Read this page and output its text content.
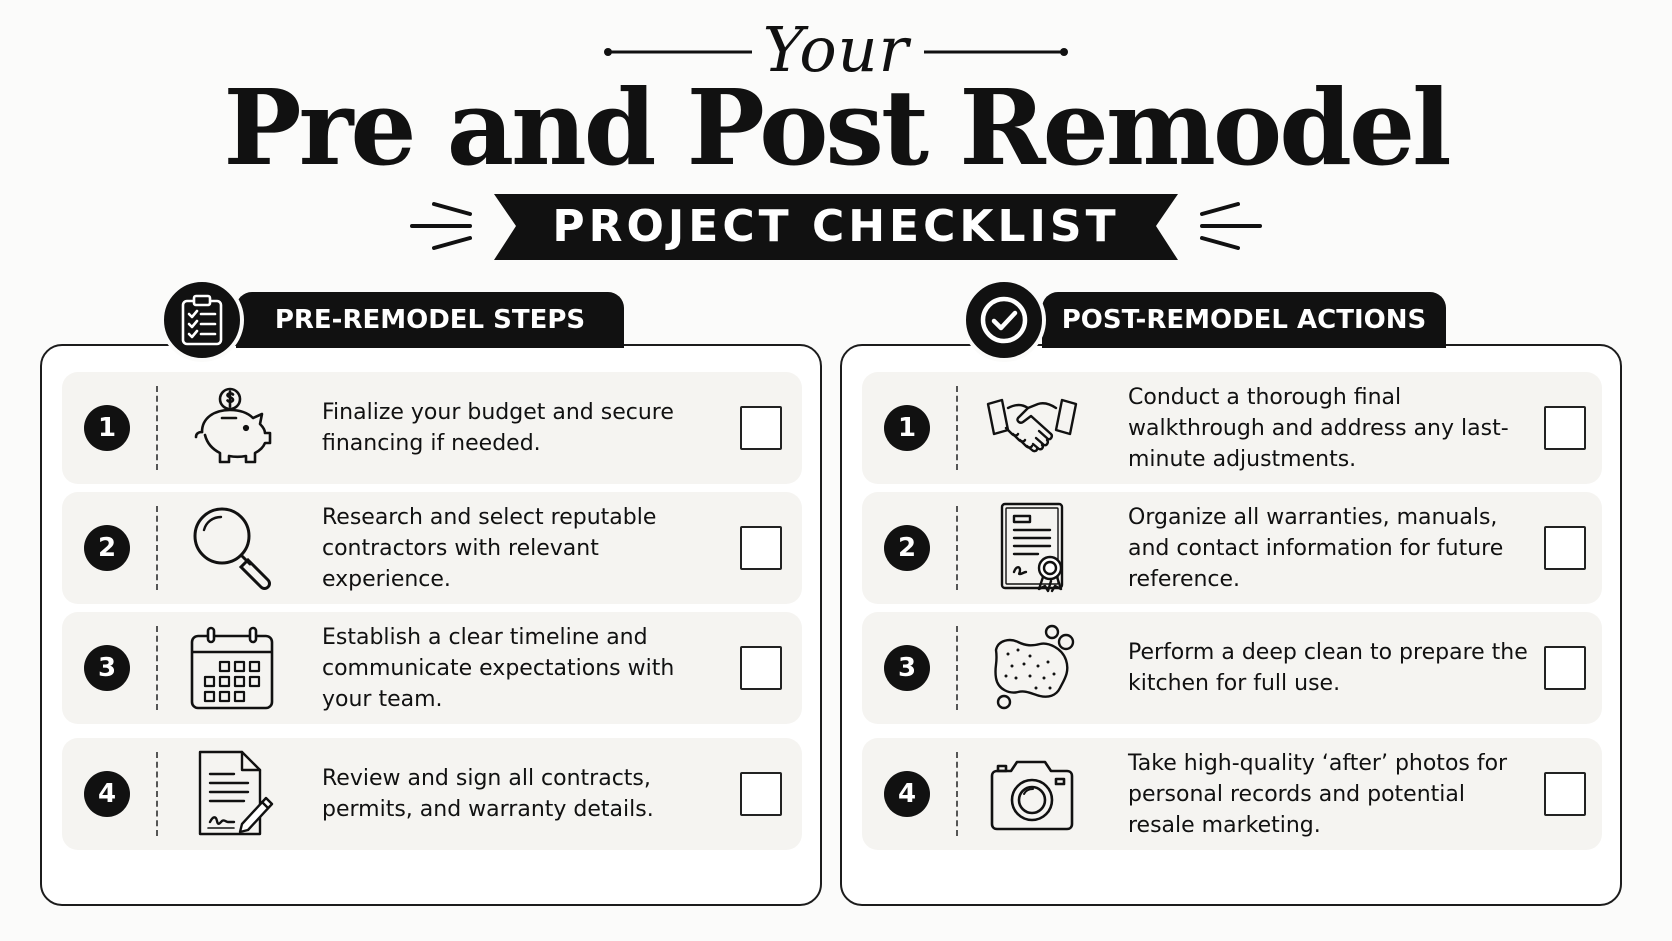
Your
Pre and Post Remodel
PROJECT CHECKLIST
1
Finalize your budget and secure financing if needed.
2
Research and select reputable contractors with relevant experience.
3
Establish a clear timeline and communicate expectations with your team.
4
Review and sign all contracts, permits, and warranty details.
PRE-REMODEL STEPS
1
Conduct a thorough final walkthrough and address any last-minute adjustments.
2
Organize all warranties, manuals, and contact information for future reference.
3
Perform a deep clean to prepare the kitchen for full use.
4
Take high-quality ‘after’ photos for personal records and potential resale marketing.
POST-REMODEL ACTIONS
